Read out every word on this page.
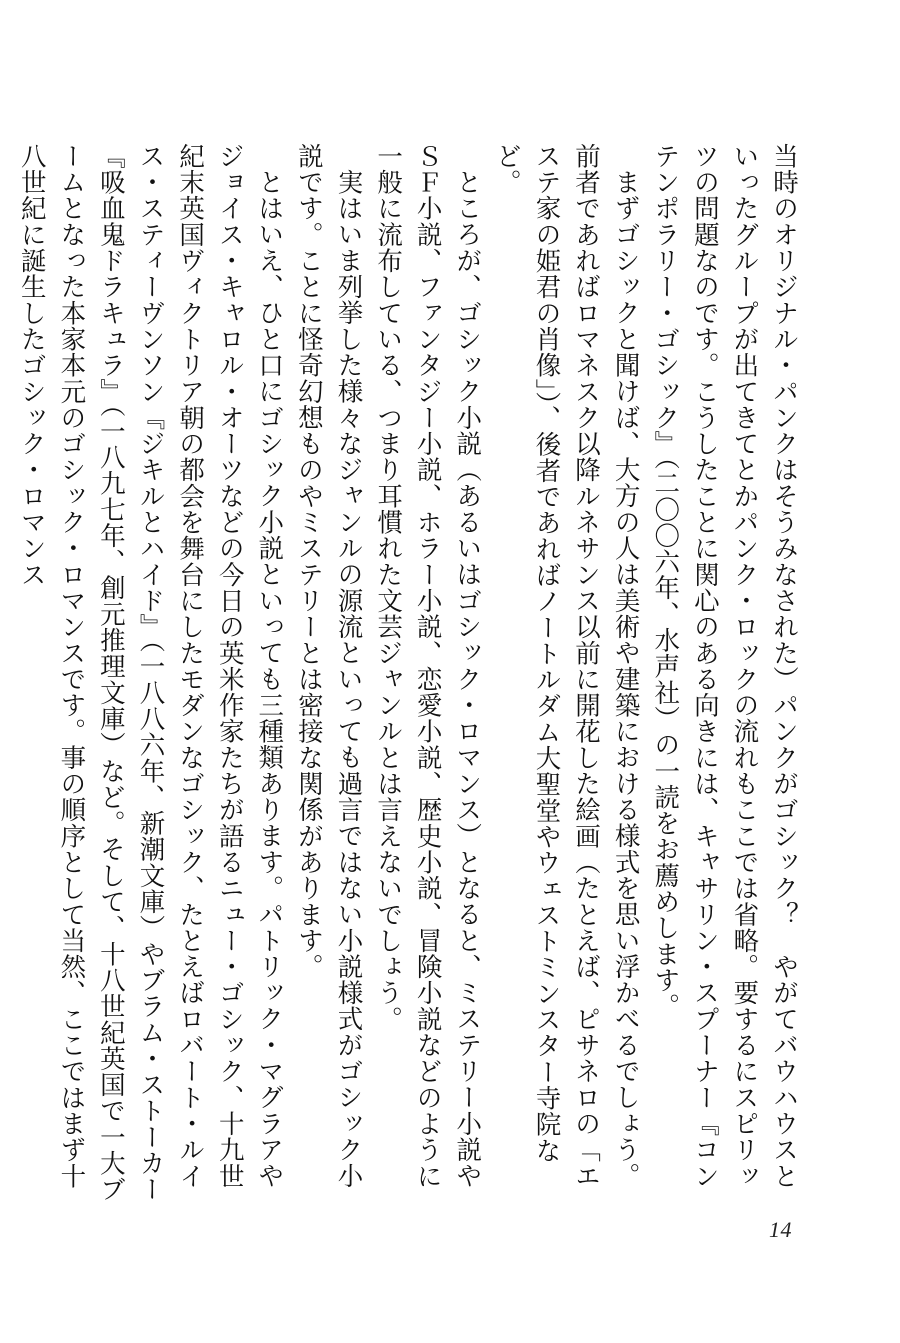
当時のオリジナル・パンクはそうみなされた）パンクがゴシック？　やがてバウハウスといったグループが出てきてとかパンク・ロックの流れもここでは省略。要するにスピリッツの問題なのです。こうしたことに関心のある向きには、キャサリン・スプーナー『コンテンポラリー・ゴシック』（二〇〇六年、水声社）の一読をお薦めします。

まずゴシックと聞けば、大方の人は美術や建築における様式を思い浮かべるでしょう。前者であればロマネスク以降ルネサンス以前に開花した絵画（たとえば、ピサネロの「エステ家の姫君の肖像」）、後者であればノートルダム大聖堂やウェストミンスター寺院など。

ところが、ゴシック小説（あるいはゴシック・ロマンス）となると、ミステリー小説やＳＦ小説、ファンタジー小説、ホラー小説、恋愛小説、歴史小説、冒険小説などのように一般に流布している、つまり耳慣れた文芸ジャンルとは言えないでしょう。

実はいま列挙した様々なジャンルの源流といっても過言ではない小説様式がゴシック小説です。ことに怪奇幻想ものやミステリーとは密接な関係があります。

とはいえ、ひと口にゴシック小説といっても三種類あります。パトリック・マグラアやジョイス・キャロル・オーツなどの今日の英米作家たちが語るニュー・ゴシック、十九世紀末英国ヴィクトリア朝の都会を舞台にしたモダンなゴシック、たとえばロバート・ルイス・スティーヴンソン『ジキルとハイド』（一八八六年、新潮文庫）やブラム・ストーカー『吸血鬼ドラキュラ』（一八九七年、創元推理文庫）など。そして、十八世紀英国で一大ブームとなった本家本元のゴシック・ロマンスです。事の順序として当然、ここではまず十八世紀に誕生したゴシック・ロマンス

14
